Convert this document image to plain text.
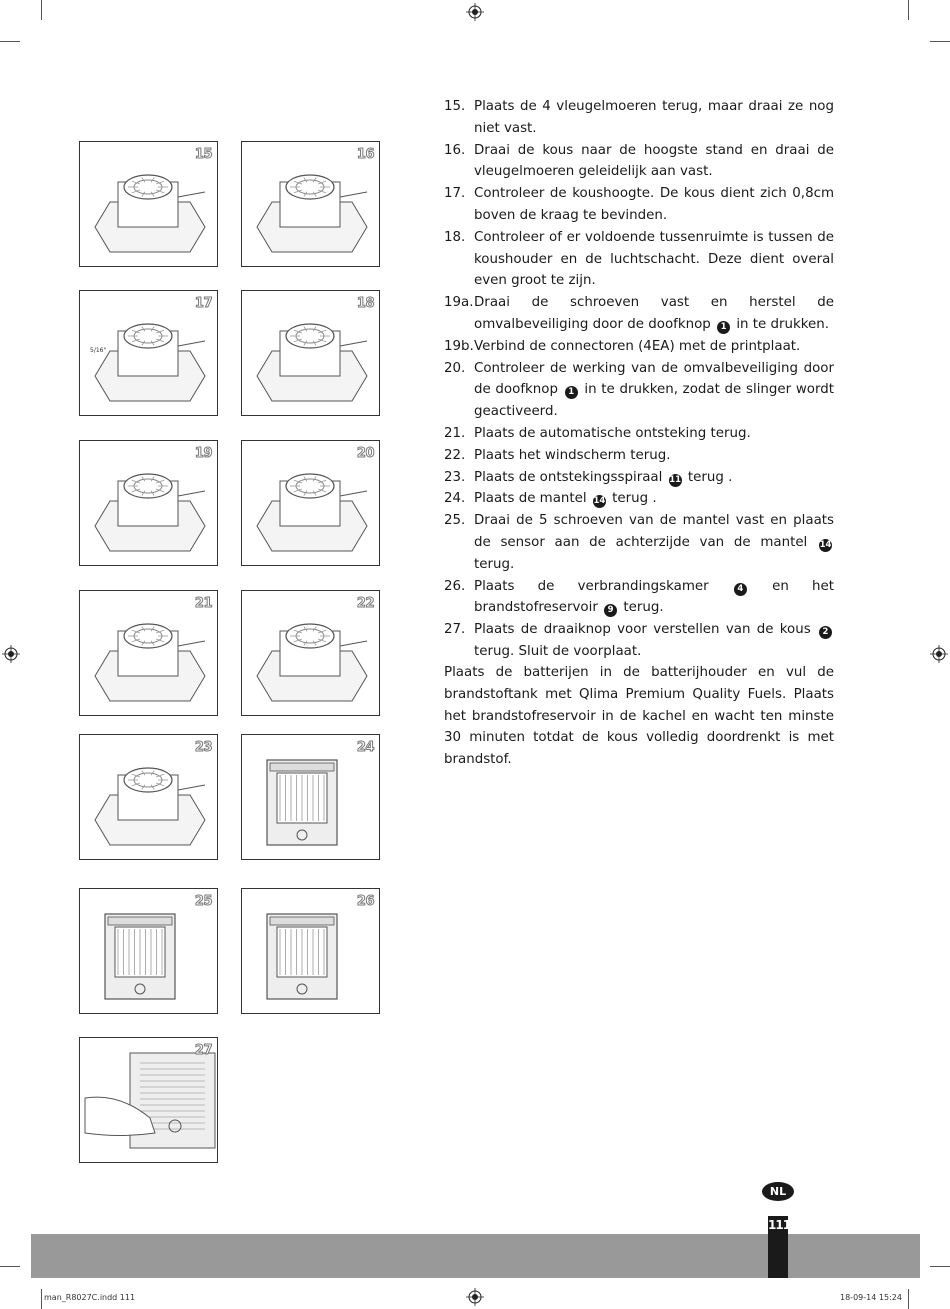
15	16
17
5/16"
18
19	20
21	22
23	24
25	26
27
15. Plaats de 4 vleugelmoeren terug, maar draai ze nog niet vast.
16. Draai de kous naar de hoogste stand en draai de vleugelmoeren geleidelijk aan vast.
17. Controleer de koushoogte. De kous dient zich 0,8cm boven de kraag te bevinden.
18. Controleer of er voldoende tussenruimte is tussen de koushouder en de luchtschacht. Deze dient overal even groot te zijn.
19a. Draai de schroeven vast en herstel de omvalbeveiliging door de doofknop 1 in te drukken.
19b. Verbind de connectoren (4EA) met de printplaat.
20. Controleer de werking van de omvalbeveiliging door de doofknop 1 in te drukken, zodat de slinger wordt geactiveerd.
21. Plaats de automatische ontsteking terug.
22. Plaats het windscherm terug.
23. Plaats de ontstekingsspiraal 11 terug .
24. Plaats de mantel 14 terug .
25. Draai de 5 schroeven van de mantel vast en plaats de sensor aan de achterzijde van de mantel 14 terug.
26. Plaats de verbrandingskamer	4 en het brandstofreservoir 9 terug.
27. Plaats de draaiknop voor verstellen van de kous 2 terug. Sluit de voorplaat.

Plaats de batterijen in de batterijhouder en vul de brandstoftank met Qlima Premium Quality Fuels. Plaats het brandstofreservoir in de kachel en wacht ten minste 30 minuten totdat de kous volledig doordrenkt is met brandstof.

NL
111
man_R8027C.indd 111	18-09-14 15:24
